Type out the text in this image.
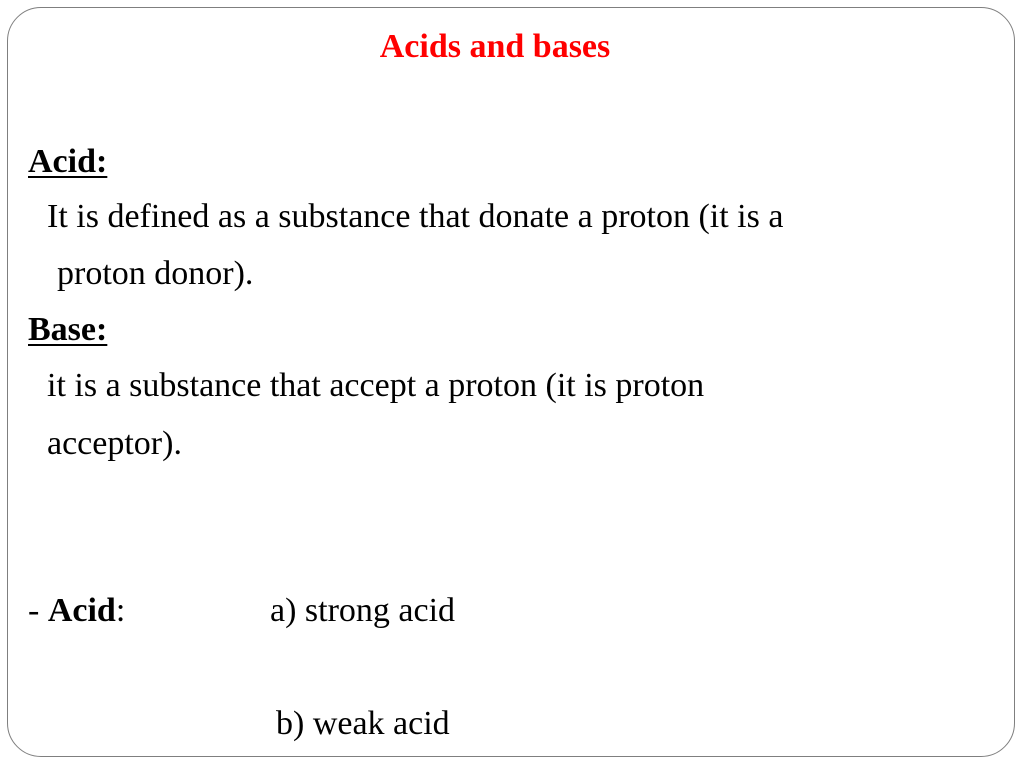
Acids and bases
Acid:
It is defined as a substance that donate a proton (it is a
proton donor).
Base:
it is a substance that accept a proton (it is proton
acceptor).
- Acid:	a) strong acid
b) weak acid
